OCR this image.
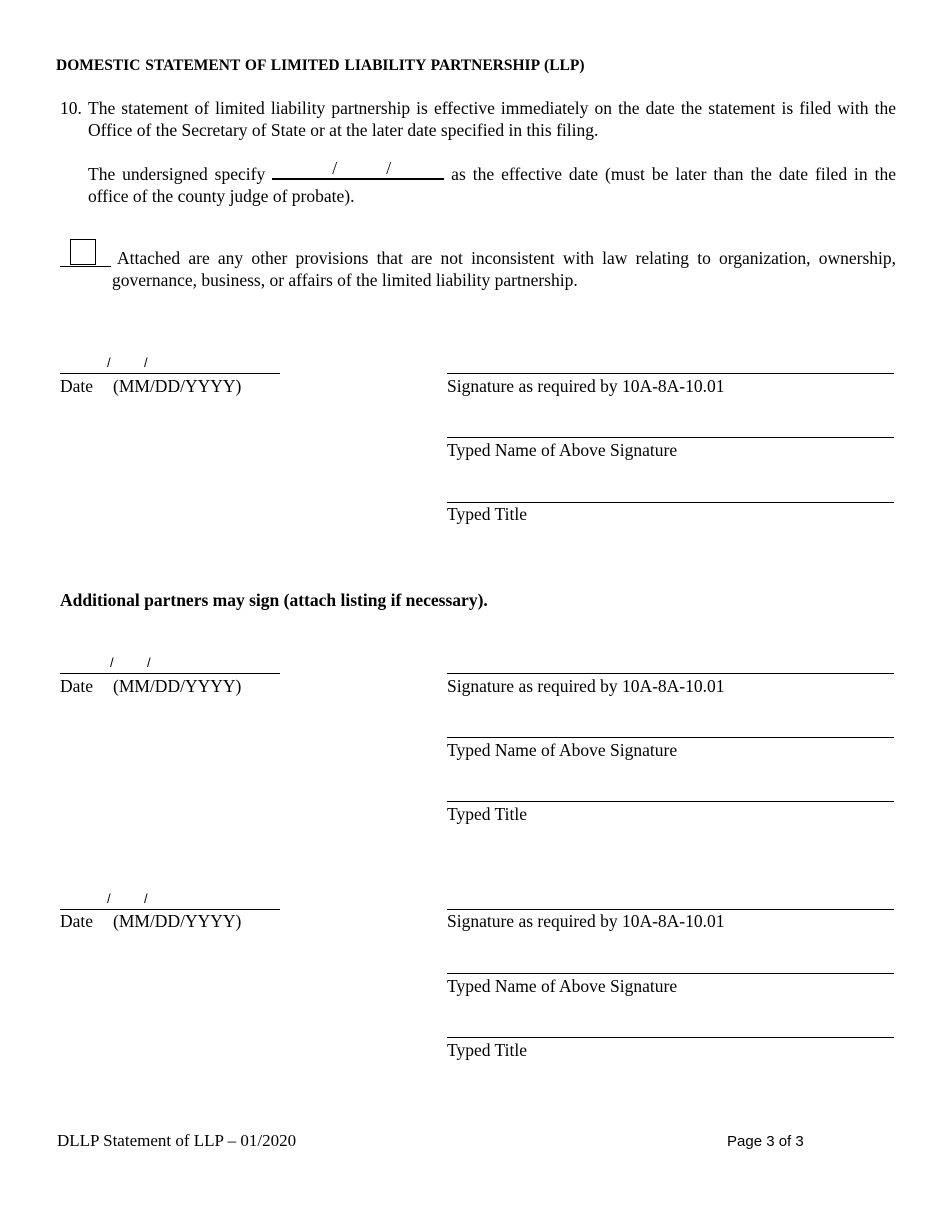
DOMESTIC STATEMENT OF LIMITED LIABILITY PARTNERSHIP (LLP)
10. The statement of limited liability partnership is effective immediately on the date the statement is filed with the Office of the Secretary of State or at the later date specified in this filing.
The undersigned specify	/	/	as the effective date (must be later than the date filed in the office of the county judge of probate).
Attached are any other provisions that are not inconsistent with law relating to organization, ownership, governance, business, or affairs of the limited liability partnership.
/	/
Date (MM/DD/YYYY)	Signature as required by 10A-8A-10.01
Typed Name of Above Signature
Typed Title
Additional partners may sign (attach listing if necessary).
/	/
Date (MM/DD/YYYY)	Signature as required by 10A-8A-10.01
Typed Name of Above Signature
Typed Title
/	/
Date (MM/DD/YYYY)	Signature as required by 10A-8A-10.01
Typed Name of Above Signature
Typed Title
DLLP Statement of LLP – 01/2020	Page 3 of 3
